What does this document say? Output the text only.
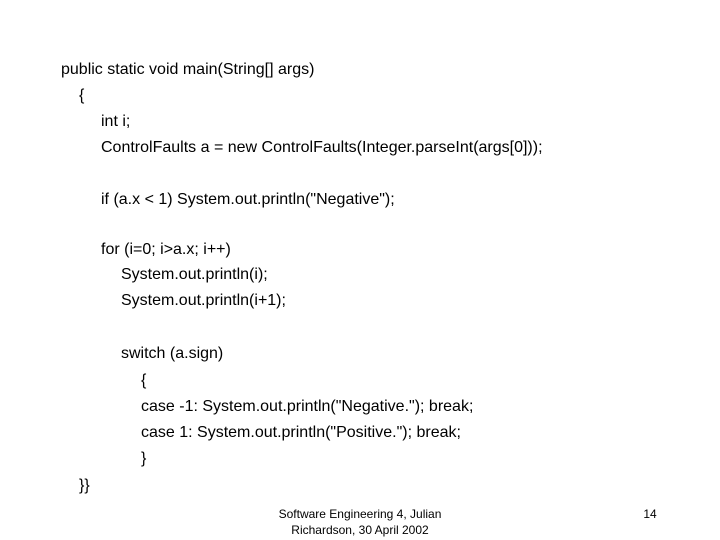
public static void main(String[] args)
{
int i;
ControlFaults a = new ControlFaults(Integer.parseInt(args[0]));
if (a.x < 1) System.out.println("Negative");
for (i=0; i>a.x; i++)
System.out.println(i);
System.out.println(i+1);
switch (a.sign)
{
case -1: System.out.println("Negative."); break;
case 1: System.out.println("Positive."); break;
}
}}
Software Engineering 4, Julian
Richardson, 30 April 2002
14
